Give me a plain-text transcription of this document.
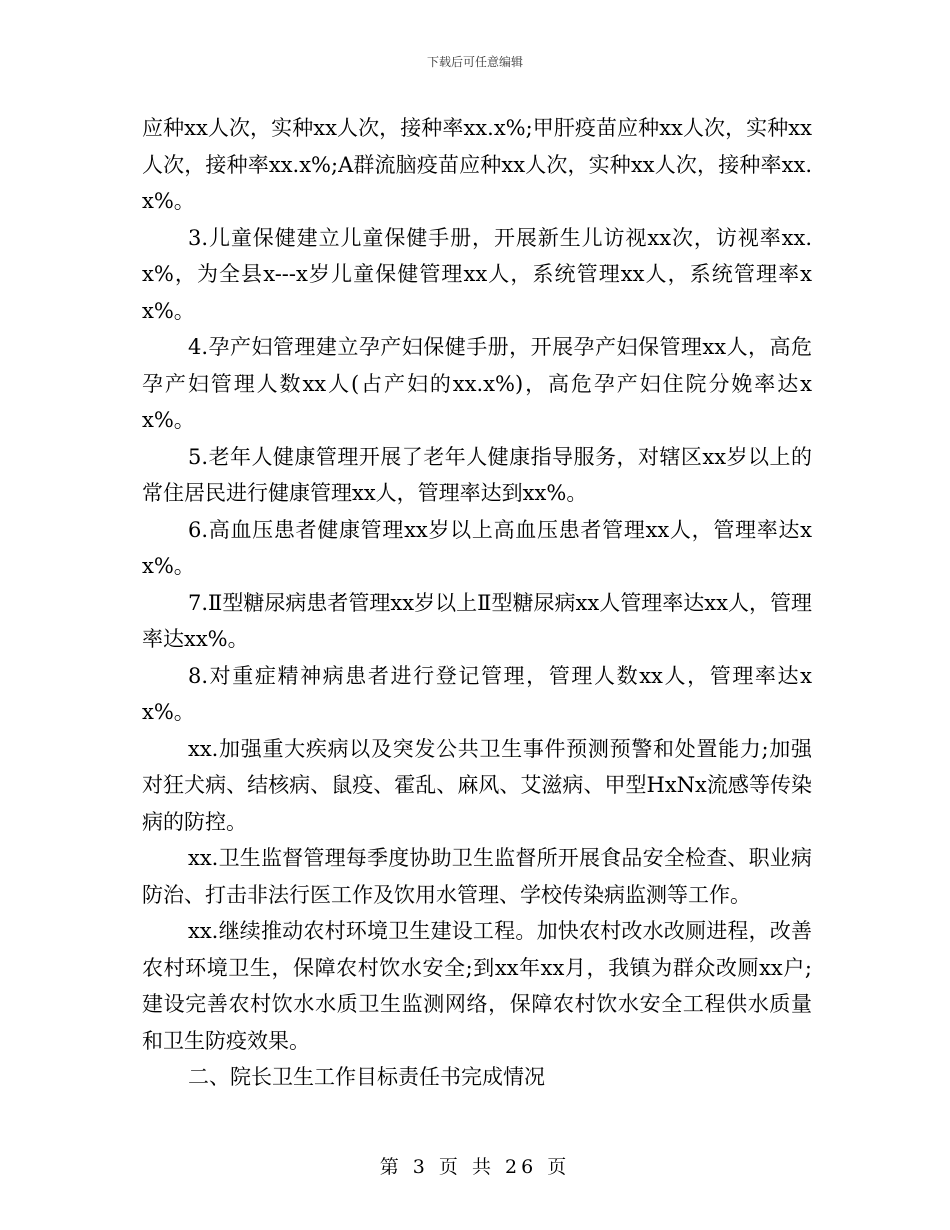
下载后可任意编辑

应种xx人次，实种xx人次，接种率xx.x%;甲肝疫苗应种xx人次，实种xx人次，接种率xx.x%;A群流脑疫苗应种xx人次，实种xx人次，接种率xx.x%。

3.儿童保健建立儿童保健手册，开展新生儿访视xx次，访视率xx.x%，为全县x---x岁儿童保健管理xx人，系统管理xx人，系统管理率xx%。

4.孕产妇管理建立孕产妇保健手册，开展孕产妇保管理xx人，高危孕产妇管理人数xx人(占产妇的xx.x%)，高危孕产妇住院分娩率达xx%。

5.老年人健康管理开展了老年人健康指导服务，对辖区xx岁以上的常住居民进行健康管理xx人，管理率达到xx%。

6.高血压患者健康管理xx岁以上高血压患者管理xx人，管理率达xx%。

7.Ⅱ型糖尿病患者管理xx岁以上Ⅱ型糖尿病xx人管理率达xx人，管理率达xx%。

8.对重症精神病患者进行登记管理，管理人数xx人，管理率达xx%。

xx.加强重大疾病以及突发公共卫生事件预测预警和处置能力;加强对狂犬病、结核病、鼠疫、霍乱、麻风、艾滋病、甲型HxNx流感等传染病的防控。

xx.卫生监督管理每季度协助卫生监督所开展食品安全检查、职业病防治、打击非法行医工作及饮用水管理、学校传染病监测等工作。

xx.继续推动农村环境卫生建设工程。加快农村改水改厕进程，改善农村环境卫生，保障农村饮水安全;到xx年xx月，我镇为群众改厕xx户;建设完善农村饮水水质卫生监测网络，保障农村饮水安全工程供水质量和卫生防疫效果。

二、院长卫生工作目标责任书完成情况

第 3 页 共 26 页
